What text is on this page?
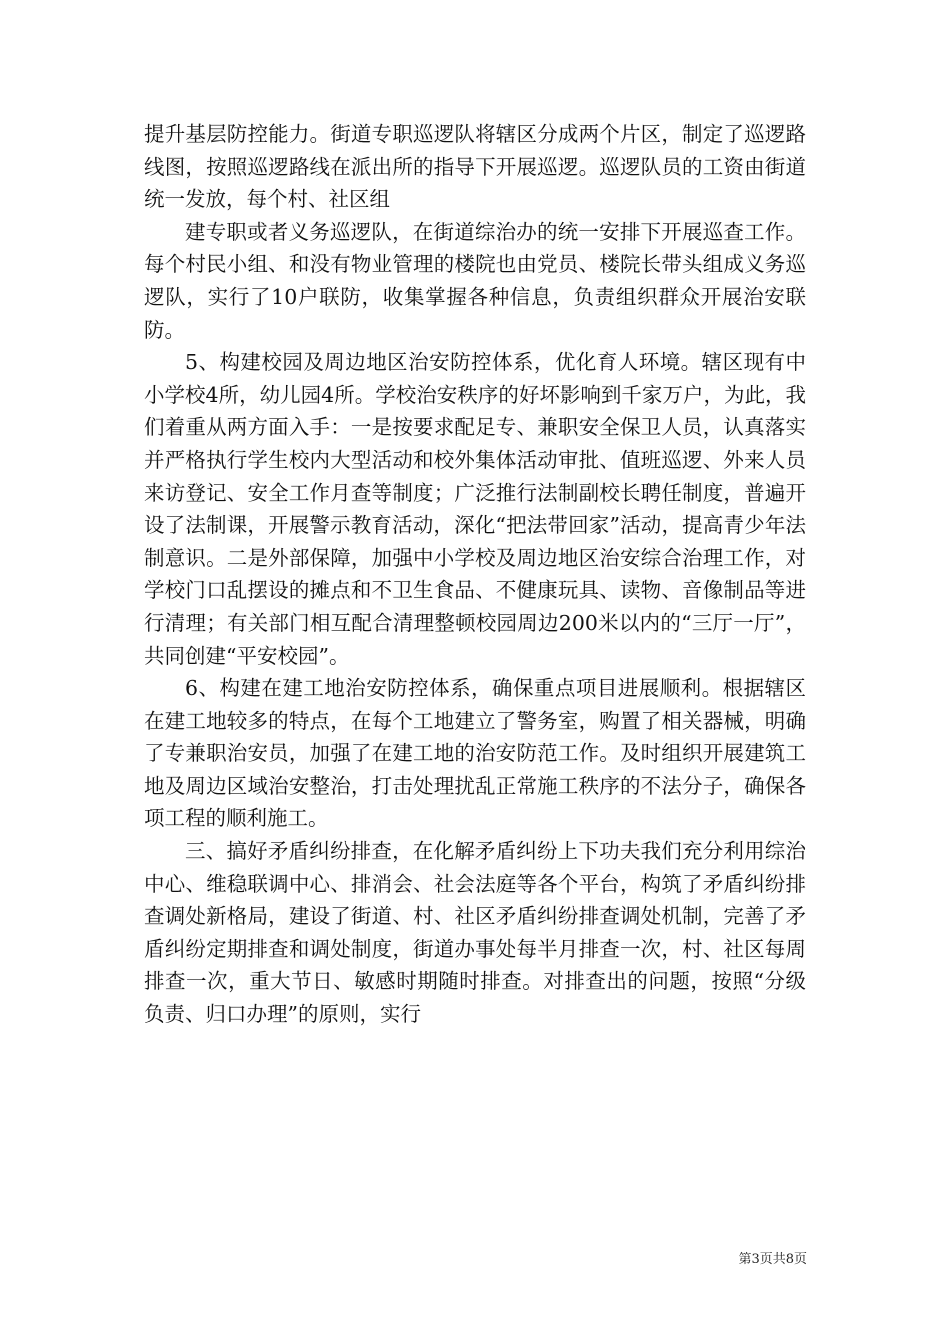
提升基层防控能力。街道专职巡逻队将辖区分成两个片区，制定了巡逻路线图，按照巡逻路线在派出所的指导下开展巡逻。巡逻队员的工资由街道统一发放，每个村、社区组

建专职或者义务巡逻队，在街道综治办的统一安排下开展巡查工作。每个村民小组、和没有物业管理的楼院也由党员、楼院长带头组成义务巡逻队，实行了10户联防，收集掌握各种信息，负责组织群众开展治安联防。

5、构建校园及周边地区治安防控体系，优化育人环境。辖区现有中小学校4所，幼儿园4所。学校治安秩序的好坏影响到千家万户，为此，我们着重从两方面入手：一是按要求配足专、兼职安全保卫人员，认真落实并严格执行学生校内大型活动和校外集体活动审批、值班巡逻、外来人员来访登记、安全工作月查等制度；广泛推行法制副校长聘任制度，普遍开设了法制课，开展警示教育活动，深化“把法带回家”活动，提高青少年法制意识。二是外部保障，加强中小学校及周边地区治安综合治理工作，对学校门口乱摆设的摊点和不卫生食品、不健康玩具、读物、音像制品等进行清理；有关部门相互配合清理整顿校园周边200米以内的“三厅一厅”，共同创建“平安校园”。

6、构建在建工地治安防控体系，确保重点项目进展顺利。根据辖区在建工地较多的特点，在每个工地建立了警务室，购置了相关器械，明确了专兼职治安员，加强了在建工地的治安防范工作。及时组织开展建筑工地及周边区域治安整治，打击处理扰乱正常施工秩序的不法分子，确保各项工程的顺利施工。

三、搞好矛盾纠纷排查，在化解矛盾纠纷上下功夫我们充分利用综治中心、维稳联调中心、排消会、社会法庭等各个平台，构筑了矛盾纠纷排查调处新格局，建设了街道、村、社区矛盾纠纷排查调处机制，完善了矛盾纠纷定期排查和调处制度，街道办事处每半月排查一次，村、社区每周排查一次，重大节日、敏感时期随时排查。对排查出的问题，按照“分级负责、归口办理”的原则，实行

第3页共8页
